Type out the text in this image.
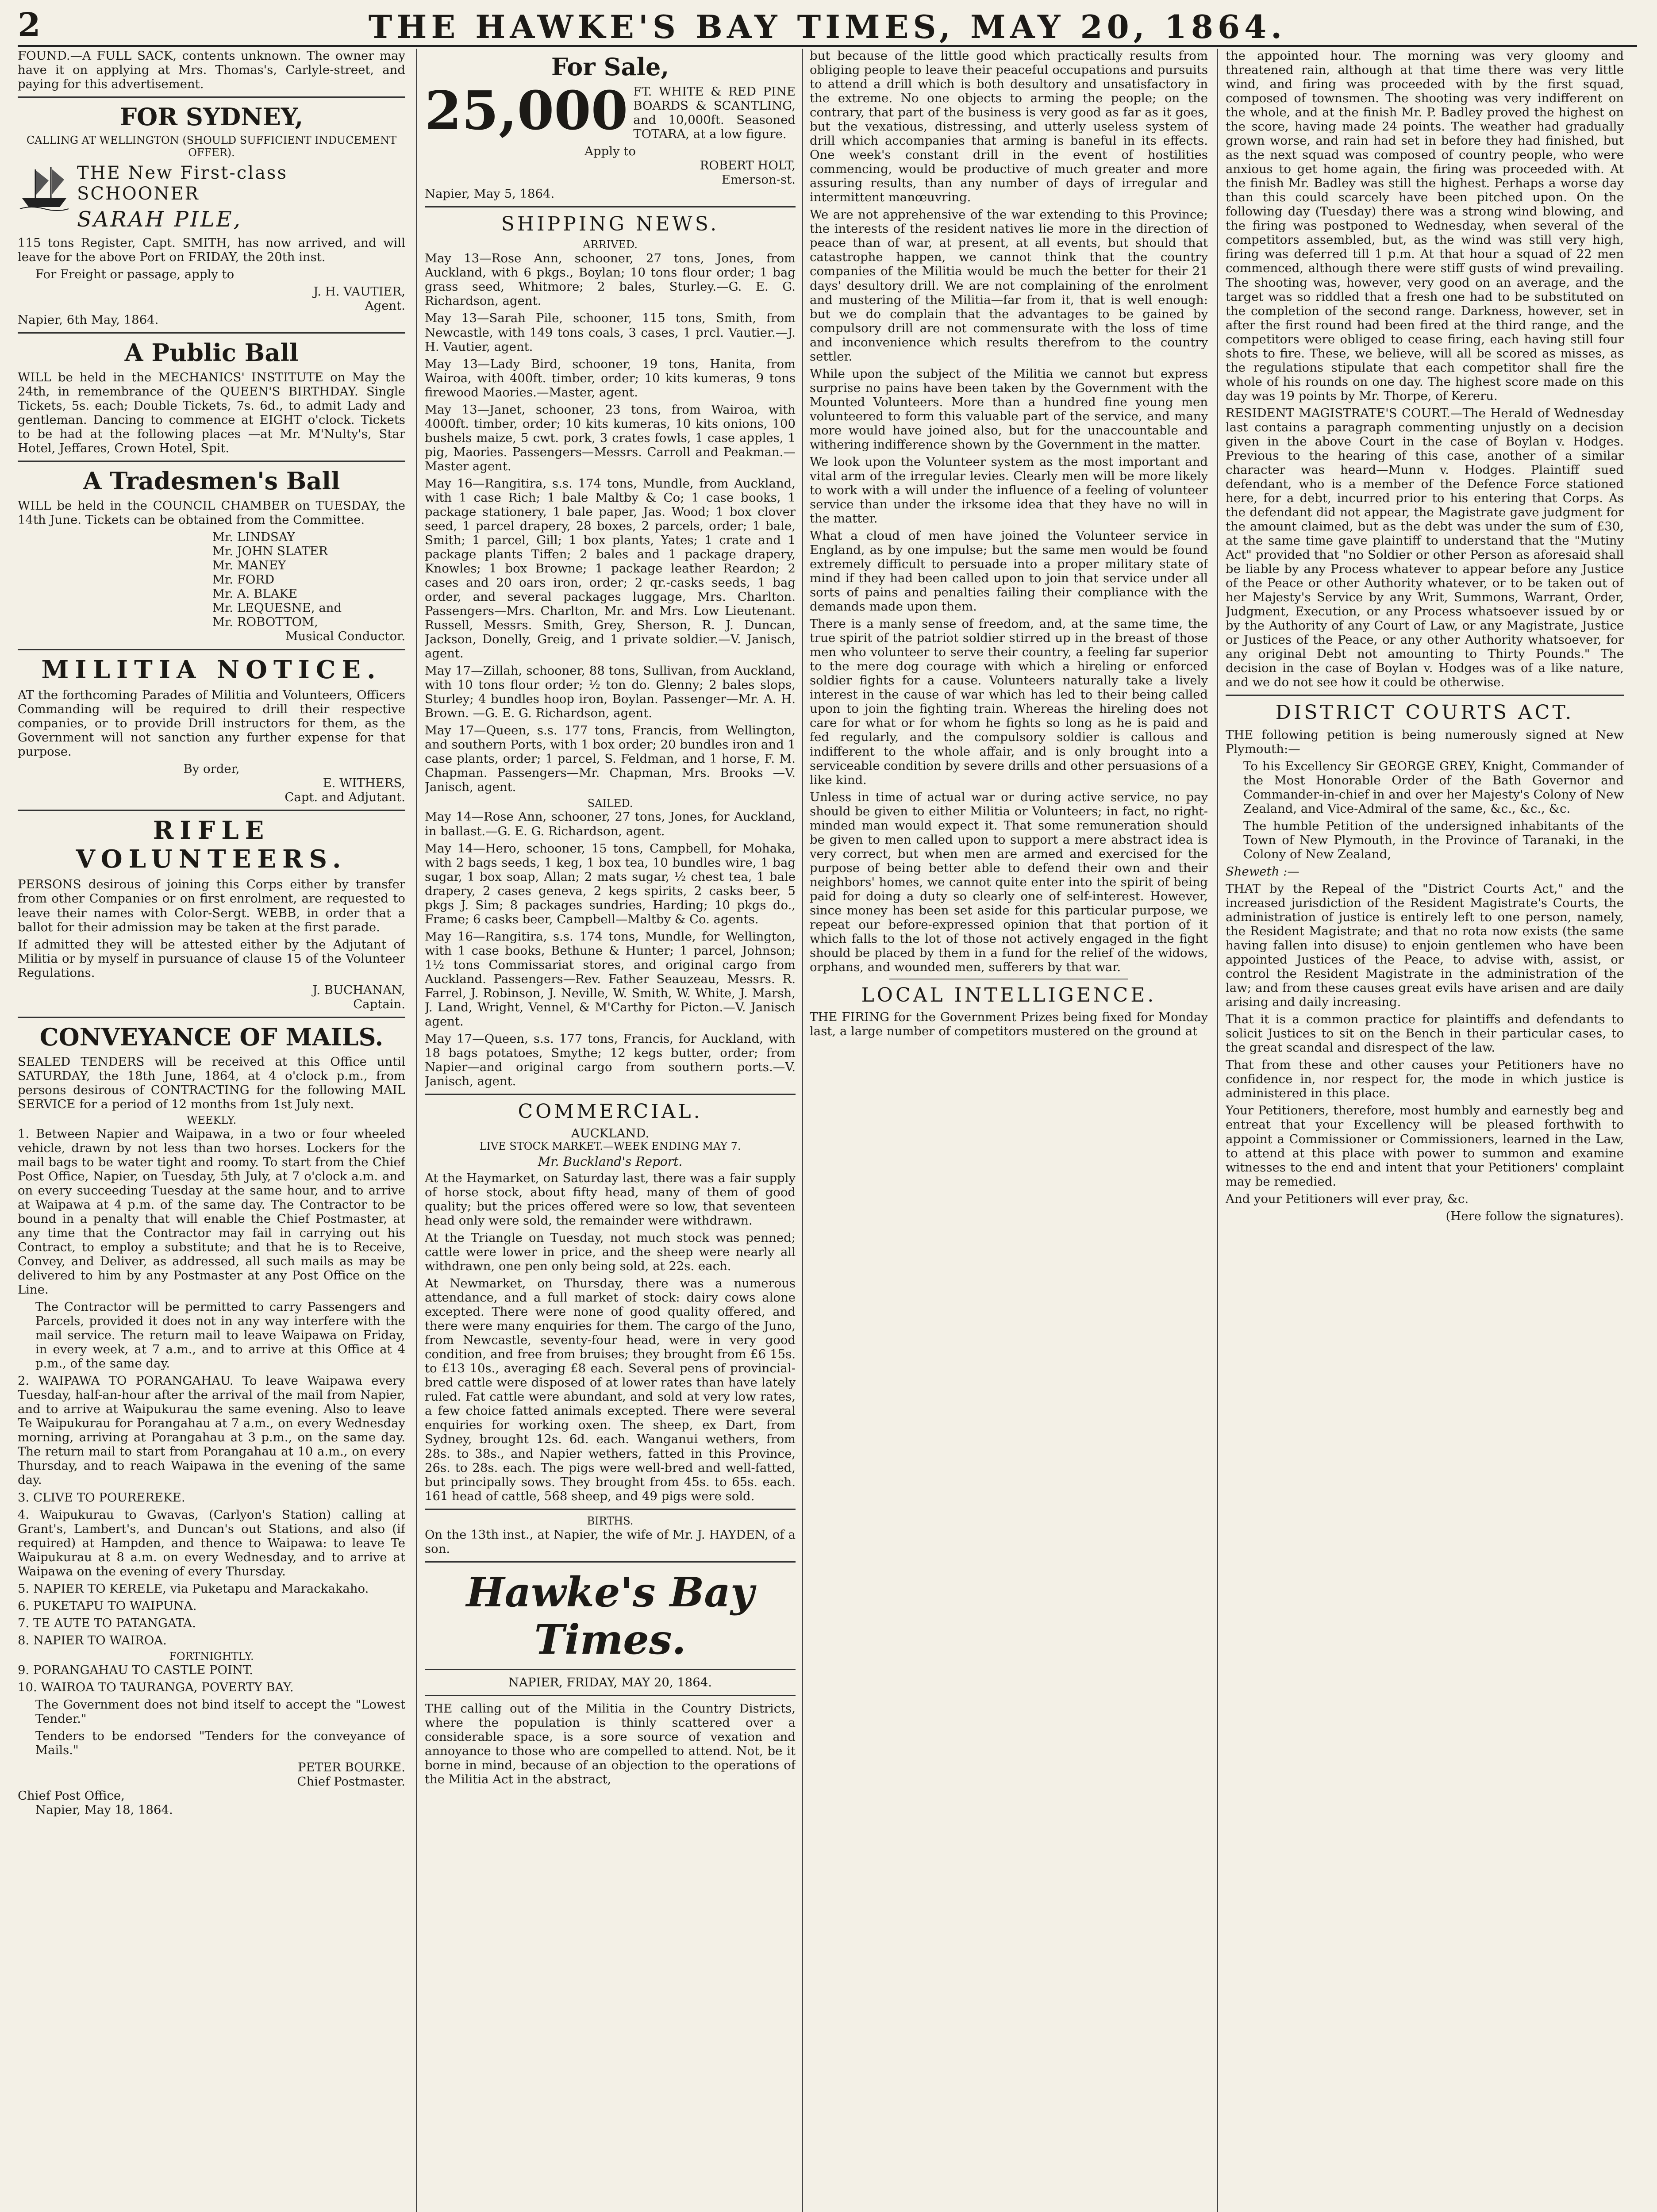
2	THE HAWKE'S BAY TIMES, MAY 20, 1864.

FOUND.—A FULL SACK, contents unknown. The owner may have it on applying at Mrs. Thomas's, Carlyle-street, and paying for this advertisement.

FOR SYDNEY,
CALLING AT WELLINGTON (SHOULD SUFFICIENT INDUCEMENT OFFER).
THE New First-class SCHOONER
SARAH PILE,

115 tons Register, Capt. SMITH, has now arrived, and will leave for the above Port on FRIDAY, the 20th inst.

For Freight or passage, apply to

J. H. VAUTIER,
Agent.

Napier, 6th May, 1864.

A Public Ball

WILL be held in the MECHANICS' INSTITUTE on May the 24th, in remembrance of the QUEEN'S BIRTHDAY. Single Tickets, 5s. each; Double Tickets, 7s. 6d., to admit Lady and gentleman. Dancing to commence at EIGHT o'clock. Tickets to be had at the following places —at Mr. M'Nulty's, Star Hotel, Jeffares, Crown Hotel, Spit.

A Tradesmen's Ball

WILL be held in the COUNCIL CHAMBER on TUESDAY, the 14th June. Tickets can be obtained from the Committee.

Mr. LINDSAY
Mr. JOHN SLATER
Mr. MANEY
Mr. FORD
Mr. A. BLAKE
Mr. LEQUESNE, and
Mr. ROBOTTOM,
Musical Conductor.
MILITIA NOTICE.

AT the forthcoming Parades of Militia and Volunteers, Officers Commanding will be required to drill their respective companies, or to provide Drill instructors for them, as the Government will not sanction any further expense for that purpose.

By order,
E. WITHERS,
Capt. and Adjutant.
RIFLE VOLUNTEERS.

PERSONS desirous of joining this Corps either by transfer from other Companies or on first enrolment, are requested to leave their names with Color-Sergt. WEBB, in order that a ballot for their admission may be taken at the first parade.

If admitted they will be attested either by the Adjutant of Militia or by myself in pursuance of clause 15 of the Volunteer Regulations.

J. BUCHANAN,
Captain.
CONVEYANCE OF MAILS.

SEALED TENDERS will be received at this Office until SATURDAY, the 18th June, 1864, at 4 o'clock p.m., from persons desirous of CONTRACTING for the following MAIL SERVICE for a period of 12 months from 1st July next.

WEEKLY.

1. Between Napier and Waipawa, in a two or four wheeled vehicle, drawn by not less than two horses. Lockers for the mail bags to be water tight and roomy. To start from the Chief Post Office, Napier, on Tuesday, 5th July, at 7 o'clock a.m. and on every succeeding Tuesday at the same hour, and to arrive at Waipawa at 4 p.m. of the same day. The Contractor to be bound in a penalty that will enable the Chief Postmaster, at any time that the Contractor may fail in carrying out his Contract, to employ a substitute; and that he is to Receive, Convey, and Deliver, as addressed, all such mails as may be delivered to him by any Postmaster at any Post Office on the Line.

The Contractor will be permitted to carry Passengers and Parcels, provided it does not in any way interfere with the mail service. The return mail to leave Waipawa on Friday, in every week, at 7 a.m., and to arrive at this Office at 4 p.m., of the same day.

2. WAIPAWA TO PORANGAHAU. To leave Waipawa every Tuesday, half-an-hour after the arrival of the mail from Napier, and to arrive at Waipukurau the same evening. Also to leave Te Waipukurau for Porangahau at 7 a.m., on every Wednesday morning, arriving at Porangahau at 3 p.m., on the same day. The return mail to start from Porangahau at 10 a.m., on every Thursday, and to reach Waipawa in the evening of the same day.

3. CLIVE TO POUREREKE.

4. Waipukurau to Gwavas, (Carlyon's Station) calling at Grant's, Lambert's, and Duncan's out Stations, and also (if required) at Hampden, and thence to Waipawa: to leave Te Waipukurau at 8 a.m. on every Wednesday, and to arrive at Waipawa on the evening of every Thursday.

5. NAPIER TO KERELE, via Puketapu and Marackakaho.

6. PUKETAPU TO WAIPUNA.

7. TE AUTE TO PATANGATA.

8. NAPIER TO WAIROA.

FORTNIGHTLY.

9. PORANGAHAU TO CASTLE POINT.

10. WAIROA TO TAURANGA, POVERTY BAY.

The Government does not bind itself to accept the "Lowest Tender."

Tenders to be endorsed "Tenders for the conveyance of Mails."

PETER BOURKE.
Chief Postmaster.
Chief Post Office,
Napier, May 18, 1864.
For Sale,
25,000 FT. WHITE & RED PINE BOARDS & SCANTLING, and 10,000ft. Seasoned TOTARA, at a low figure.

Apply to
ROBERT HOLT,
Emerson-st.

Napier, May 5, 1864.

SHIPPING NEWS.
ARRIVED.

May 13—Rose Ann, schooner, 27 tons, Jones, from Auckland, with 6 pkgs., Boylan; 10 tons flour order; 1 bag grass seed, Whitmore; 2 bales, Sturley.—G. E. G. Richardson, agent.

May 13—Sarah Pile, schooner, 115 tons, Smith, from Newcastle, with 149 tons coals, 3 cases, 1 prcl. Vautier.—J. H. Vautier, agent.

May 13—Lady Bird, schooner, 19 tons, Hanita, from Wairoa, with 400ft. timber, order; 10 kits kumeras, 9 tons firewood Maories.—Master, agent.

May 13—Janet, schooner, 23 tons, from Wairoa, with 4000ft. timber, order; 10 kits kumeras, 10 kits onions, 100 bushels maize, 5 cwt. pork, 3 crates fowls, 1 case apples, 1 pig, Maories. Passengers—Messrs. Carroll and Peakman.—Master agent.

May 16—Rangitira, s.s. 174 tons, Mundle, from Auckland, with 1 case Rich; 1 bale Maltby & Co; 1 case books, 1 package stationery, 1 bale paper, Jas. Wood; 1 box clover seed, 1 parcel drapery, 28 boxes, 2 parcels, order; 1 bale, Smith; 1 parcel, Gill; 1 box plants, Yates; 1 crate and 1 package plants Tiffen; 2 bales and 1 package drapery, Knowles; 1 box Browne; 1 package leather Reardon; 2 cases and 20 oars iron, order; 2 qr.-casks seeds, 1 bag order, and several packages luggage, Mrs. Charlton. Passengers—Mrs. Charlton, Mr. and Mrs. Low Lieutenant. Russell, Messrs. Smith, Grey, Sherson, R. J. Duncan, Jackson, Donelly, Greig, and 1 private soldier.—V. Janisch, agent.

May 17—Zillah, schooner, 88 tons, Sullivan, from Auckland, with 10 tons flour order; ½ ton do. Glenny; 2 bales slops, Sturley; 4 bundles hoop iron, Boylan. Passenger—Mr. A. H. Brown. —G. E. G. Richardson, agent.

May 17—Queen, s.s. 177 tons, Francis, from Wellington, and southern Ports, with 1 box order; 20 bundles iron and 1 case plants, order; 1 parcel, S. Feldman, and 1 horse, F. M. Chapman. Passengers—Mr. Chapman, Mrs. Brooks —V. Janisch, agent.

SAILED.

May 14—Rose Ann, schooner, 27 tons, Jones, for Auckland, in ballast.—G. E. G. Richardson, agent.

May 14—Hero, schooner, 15 tons, Campbell, for Mohaka, with 2 bags seeds, 1 keg, 1 box tea, 10 bundles wire, 1 bag sugar, 1 box soap, Allan; 2 mats sugar, ½ chest tea, 1 bale drapery, 2 cases geneva, 2 kegs spirits, 2 casks beer, 5 pkgs J. Sim; 8 packages sundries, Harding; 10 pkgs do., Frame; 6 casks beer, Campbell—Maltby & Co. agents.

May 16—Rangitira, s.s. 174 tons, Mundle, for Wellington, with 1 case books, Bethune & Hunter; 1 parcel, Johnson; 1½ tons Commissariat stores, and original cargo from Auckland. Passengers—Rev. Father Seauzeau, Messrs. R. Farrel, J. Robinson, J. Neville, W. Smith, W. White, J. Marsh, J. Land, Wright, Vennel, & M'Carthy for Picton.—V. Janisch agent.

May 17—Queen, s.s. 177 tons, Francis, for Auckland, with 18 bags potatoes, Smythe; 12 kegs butter, order; from Napier—and original cargo from southern ports.—V. Janisch, agent.

COMMERCIAL.
AUCKLAND.
LIVE STOCK MARKET.—WEEK ENDING MAY 7.
Mr. Buckland's Report.

At the Haymarket, on Saturday last, there was a fair supply of horse stock, about fifty head, many of them of good quality; but the prices offered were so low, that seventeen head only were sold, the remainder were withdrawn.

At the Triangle on Tuesday, not much stock was penned; cattle were lower in price, and the sheep were nearly all withdrawn, one pen only being sold, at 22s. each.

At Newmarket, on Thursday, there was a numerous attendance, and a full market of stock: dairy cows alone excepted. There were none of good quality offered, and there were many enquiries for them. The cargo of the Juno, from Newcastle, seventy-four head, were in very good condition, and free from bruises; they brought from £6 15s. to £13 10s., averaging £8 each. Several pens of provincial-bred cattle were disposed of at lower rates than have lately ruled. Fat cattle were abundant, and sold at very low rates, a few choice fatted animals excepted. There were several enquiries for working oxen. The sheep, ex Dart, from Sydney, brought 12s. 6d. each. Wanganui wethers, from 28s. to 38s., and Napier wethers, fatted in this Province, 26s. to 28s. each. The pigs were well-bred and well-fatted, but principally sows. They brought from 45s. to 65s. each. 161 head of cattle, 568 sheep, and 49 pigs were sold.

BIRTHS.

On the 13th inst., at Napier, the wife of Mr. J. HAYDEN, of a son.

Hawke's Bay Times.
NAPIER, FRIDAY, MAY 20, 1864.

THE calling out of the Militia in the Country Districts, where the population is thinly scattered over a considerable space, is a sore source of vexation and annoyance to those who are compelled to attend. Not, be it borne in mind, because of an objection to the operations of the Militia Act in the abstract,

but because of the little good which practically results from obliging people to leave their peaceful occupations and pursuits to attend a drill which is both desultory and unsatisfactory in the extreme. No one objects to arming the people; on the contrary, that part of the business is very good as far as it goes, but the vexatious, distressing, and utterly useless system of drill which accompanies that arming is baneful in its effects. One week's constant drill in the event of hostilities commencing, would be productive of much greater and more assuring results, than any number of days of irregular and intermittent manœuvring.

We are not apprehensive of the war extending to this Province; the interests of the resident natives lie more in the direction of peace than of war, at present, at all events, but should that catastrophe happen, we cannot think that the country companies of the Militia would be much the better for their 21 days' desultory drill. We are not complaining of the enrolment and mustering of the Militia—far from it, that is well enough: but we do complain that the advantages to be gained by compulsory drill are not commensurate with the loss of time and inconvenience which results therefrom to the country settler.

While upon the subject of the Militia we cannot but express surprise no pains have been taken by the Government with the Mounted Volunteers. More than a hundred fine young men volunteered to form this valuable part of the service, and many more would have joined also, but for the unaccountable and withering indifference shown by the Government in the matter.

We look upon the Volunteer system as the most important and vital arm of the irregular levies. Clearly men will be more likely to work with a will under the influence of a feeling of volunteer service than under the irksome idea that they have no will in the matter.

What a cloud of men have joined the Volunteer service in England, as by one impulse; but the same men would be found extremely difficult to persuade into a proper military state of mind if they had been called upon to join that service under all sorts of pains and penalties failing their compliance with the demands made upon them.

There is a manly sense of freedom, and, at the same time, the true spirit of the patriot soldier stirred up in the breast of those men who volunteer to serve their country, a feeling far superior to the mere dog courage with which a hireling or enforced soldier fights for a cause. Volunteers naturally take a lively interest in the cause of war which has led to their being called upon to join the fighting train. Whereas the hireling does not care for what or for whom he fights so long as he is paid and fed regularly, and the compulsory soldier is callous and indifferent to the whole affair, and is only brought into a serviceable condition by severe drills and other persuasions of a like kind.

Unless in time of actual war or during active service, no pay should be given to either Militia or Volunteers; in fact, no right-minded man would expect it. That some remuneration should be given to men called upon to support a mere abstract idea is very correct, but when men are armed and exercised for the purpose of being better able to defend their own and their neighbors' homes, we cannot quite enter into the spirit of being paid for doing a duty so clearly one of self-interest. However, since money has been set aside for this particular purpose, we repeat our before-expressed opinion that that portion of it which falls to the lot of those not actively engaged in the fight should be placed by them in a fund for the relief of the widows, orphans, and wounded men, sufferers by that war.

LOCAL INTELLIGENCE.

THE FIRING for the Government Prizes being fixed for Monday last, a large number of competitors mustered on the ground at

the appointed hour. The morning was very gloomy and threatened rain, although at that time there was very little wind, and firing was proceeded with by the first squad, composed of townsmen. The shooting was very indifferent on the whole, and at the finish Mr. P. Badley proved the highest on the score, having made 24 points. The weather had gradually grown worse, and rain had set in before they had finished, but as the next squad was composed of country people, who were anxious to get home again, the firing was proceeded with. At the finish Mr. Badley was still the highest. Perhaps a worse day than this could scarcely have been pitched upon. On the following day (Tuesday) there was a strong wind blowing, and the firing was postponed to Wednesday, when several of the competitors assembled, but, as the wind was still very high, firing was deferred till 1 p.m. At that hour a squad of 22 men commenced, although there were stiff gusts of wind prevailing. The shooting was, however, very good on an average, and the target was so riddled that a fresh one had to be substituted on the completion of the second range. Darkness, however, set in after the first round had been fired at the third range, and the competitors were obliged to cease firing, each having still four shots to fire. These, we believe, will all be scored as misses, as the regulations stipulate that each competitor shall fire the whole of his rounds on one day. The highest score made on this day was 19 points by Mr. Thorpe, of Kereru.

RESIDENT MAGISTRATE'S COURT.—The Herald of Wednesday last contains a paragraph commenting unjustly on a decision given in the above Court in the case of Boylan v. Hodges. Previous to the hearing of this case, another of a similar character was heard—Munn v. Hodges. Plaintiff sued defendant, who is a member of the Defence Force stationed here, for a debt, incurred prior to his entering that Corps. As the defendant did not appear, the Magistrate gave judgment for the amount claimed, but as the debt was under the sum of £30, at the same time gave plaintiff to understand that the "Mutiny Act" provided that "no Soldier or other Person as aforesaid shall be liable by any Process whatever to appear before any Justice of the Peace or other Authority whatever, or to be taken out of her Majesty's Service by any Writ, Summons, Warrant, Order, Judgment, Execution, or any Process whatsoever issued by or by the Authority of any Court of Law, or any Magistrate, Justice or Justices of the Peace, or any other Authority whatsoever, for any original Debt not amounting to Thirty Pounds." The decision in the case of Boylan v. Hodges was of a like nature, and we do not see how it could be otherwise.

DISTRICT COURTS ACT.

THE following petition is being numerously signed at New Plymouth:—

To his Excellency Sir GEORGE GREY, Knight, Commander of the Most Honorable Order of the Bath Governor and Commander-in-chief in and over her Majesty's Colony of New Zealand, and Vice-Admiral of the same, &c., &c., &c.

The humble Petition of the undersigned inhabitants of the Town of New Plymouth, in the Province of Taranaki, in the Colony of New Zealand,

Sheweth :—

THAT by the Repeal of the "District Courts Act," and the increased jurisdiction of the Resident Magistrate's Courts, the administration of justice is entirely left to one person, namely, the Resident Magistrate; and that no rota now exists (the same having fallen into disuse) to enjoin gentlemen who have been appointed Justices of the Peace, to advise with, assist, or control the Resident Magistrate in the administration of the law; and from these causes great evils have arisen and are daily arising and daily increasing.

That it is a common practice for plaintiffs and defendants to solicit Justices to sit on the Bench in their particular cases, to the great scandal and disrespect of the law.

That from these and other causes your Petitioners have no confidence in, nor respect for, the mode in which justice is administered in this place.

Your Petitioners, therefore, most humbly and earnestly beg and entreat that your Excellency will be pleased forthwith to appoint a Commissioner or Commissioners, learned in the Law, to attend at this place with power to summon and examine witnesses to the end and intent that your Petitioners' complaint may be remedied.

And your Petitioners will ever pray, &c.

(Here follow the signatures).
